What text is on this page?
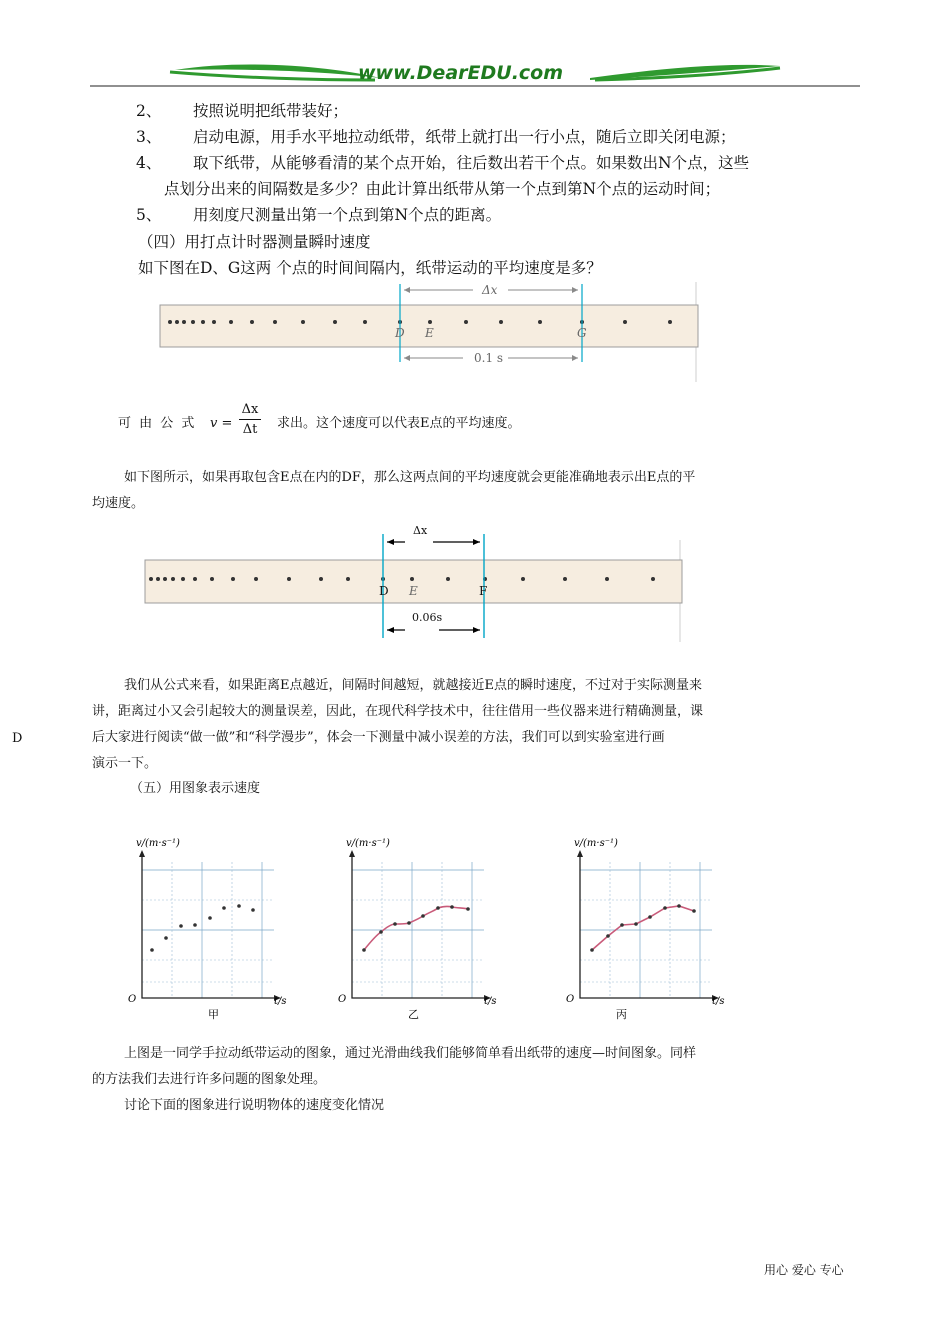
www.DearEDU.com
2、 按照说明把纸带装好；
3、 启动电源，用手水平地拉动纸带，纸带上就打出一行小点，随后立即关闭电源；
4、 取下纸带，从能够看清的某个点开始，往后数出若干个点。如果数出N个点，这些
点划分出来的间隔数是多少？由此计算出纸带从第一个点到第N个点的运动时间；
5、 用刻度尺测量出第一个点到第N个点的距离。
（四）用打点计时器测量瞬时速度
如下图在D、G这两 个点的时间间隔内，纸带运动的平均速度是多？
Δx
0.1 s
D E	G
可 由 公 式 v =
Δx
Δt	求出。这个速度可以代表E点的平均速度。
如下图所示，如果再取包含E点在内的DF，那么这两点间的平均速度就会更能准确地表示出E点的平
均速度。
Δx
0.06s
D E	F
我们从公式来看，如果距离E点越近，间隔时间越短，就越接近E点的瞬时速度，不过对于实际测量来
讲，距离过小又会引起较大的测量误差，因此，在现代科学技术中，往往借用一些仪器来进行精确测量，课
后大家进行阅读“做一做”和“科学漫步”，体会一下测量中减小误差的方法，我们可以到实验室进行画
演示一下。
D
（五）用图象表示速度
v/(m·s⁻¹)
O	t/s
甲
v/(m·s⁻¹)
O	t/s
乙
v/(m·s⁻¹)
O	t/s
丙
上图是一同学手拉动纸带运动的图象，通过光滑曲线我们能够简单看出纸带的速度—时间图象。同样
的方法我们去进行许多问题的图象处理。
讨论下面的图象进行说明物体的速度变化情况
用心 爱心 专心
